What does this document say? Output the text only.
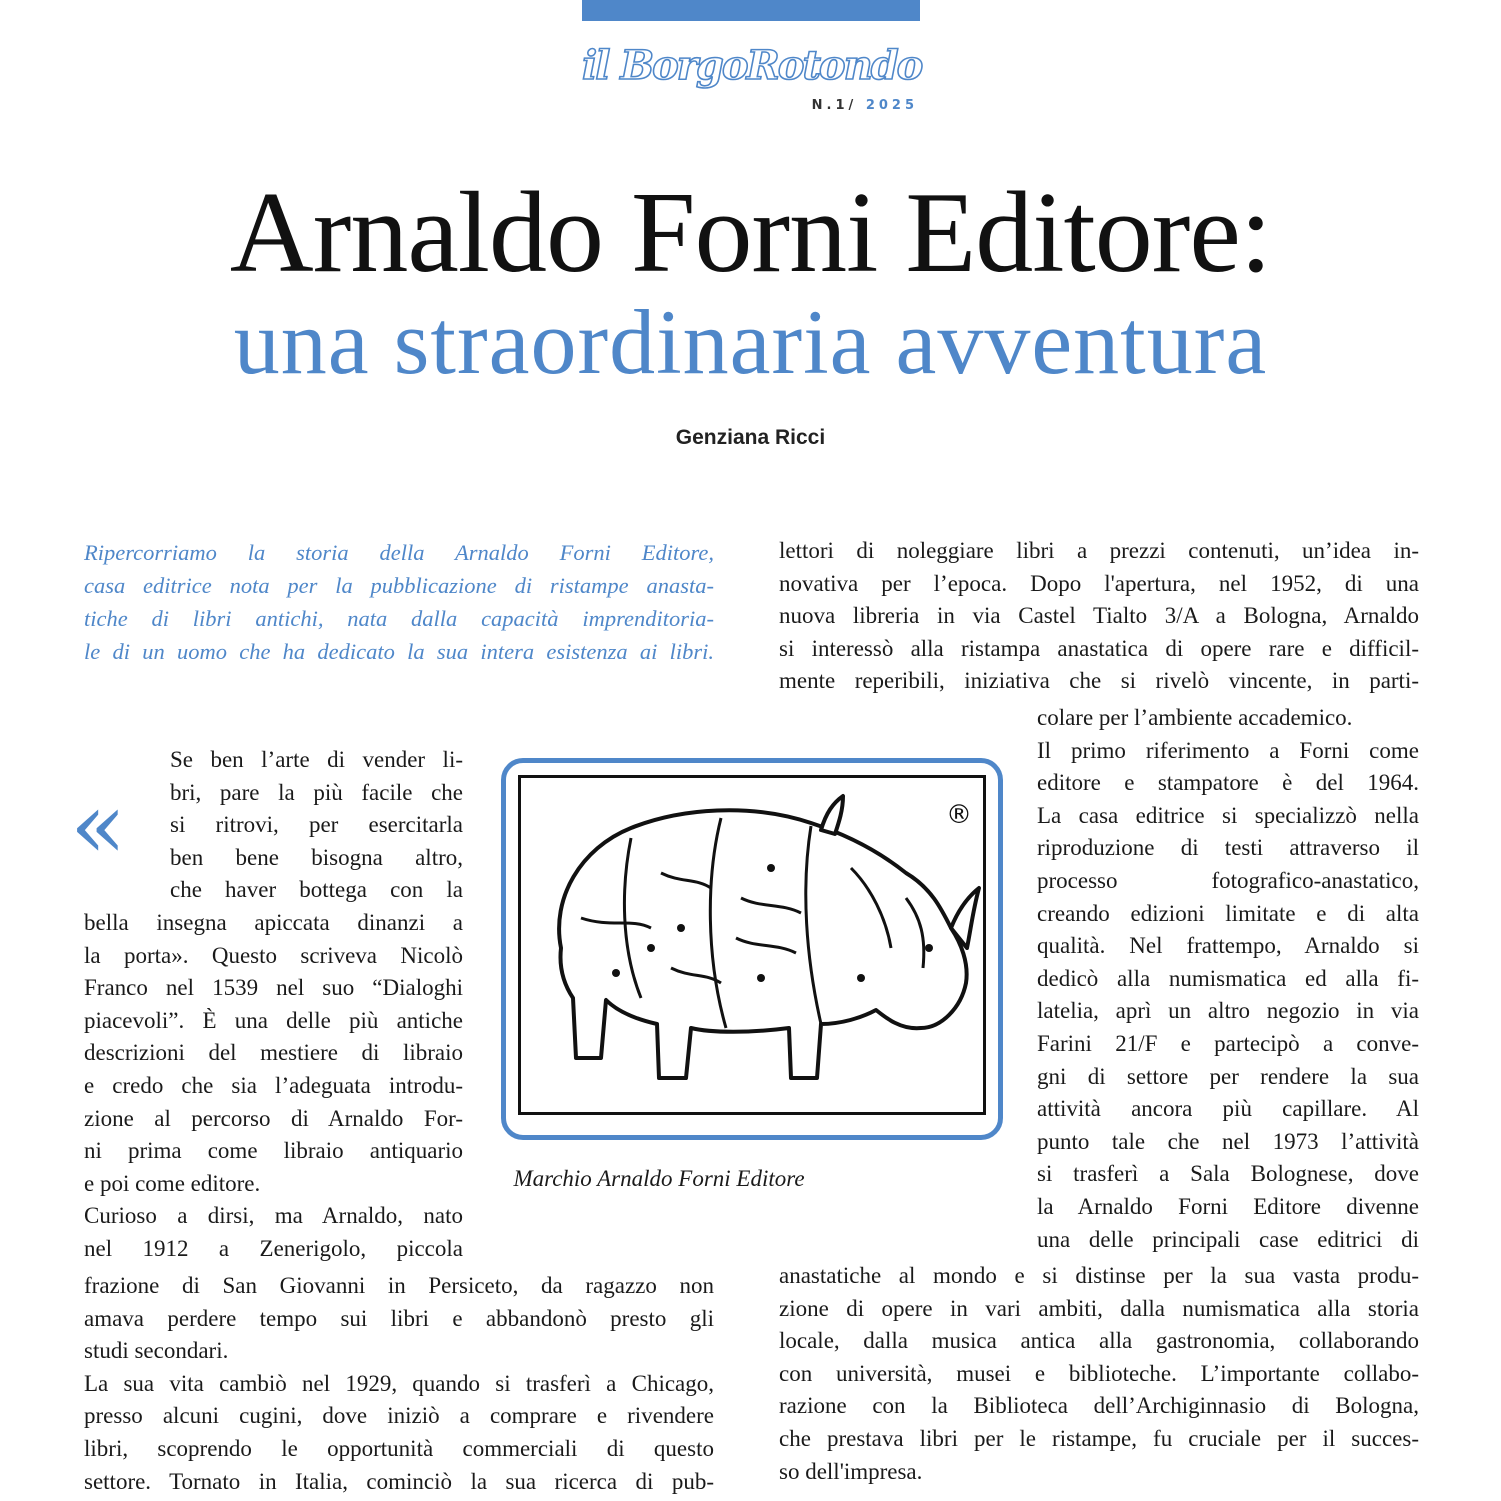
il BorgoRotondo
N.1/ 2025
Arnaldo Forni Editore:
una straordinaria avventura
Genziana Ricci
Ripercorriamo la storia della Arnaldo Forni Editore,
casa editrice nota per la pubblicazione di ristampe anasta-
tiche di libri antichi, nata dalla capacità imprenditoria-
le di un uomo che ha dedicato la sua intera esistenza ai libri.
«
Se ben l’arte di vender li-
bri, pare la più facile che
si ritrovi, per esercitarla
ben bene bisogna altro,
che haver bottega con la
bella insegna apiccata dinanzi a
la porta». Questo scriveva Nicolò
Franco nel 1539 nel suo “Dialoghi
piacevoli”. È una delle più antiche
descrizioni del mestiere di libraio
e credo che sia l’adeguata introdu-
zione al percorso di Arnaldo For-
ni prima come libraio antiquario
e poi come editore.
Curioso a dirsi, ma Arnaldo, nato
nel 1912 a Zenerigolo, piccola
frazione di San Giovanni in Persiceto, da ragazzo non
amava perdere tempo sui libri e abbandonò presto gli
studi secondari.
La sua vita cambiò nel 1929, quando si trasferì a Chicago,
presso alcuni cugini, dove iniziò a comprare e rivendere
libri, scoprendo le opportunità commerciali di questo
settore. Tornato in Italia, cominciò la sua ricerca di pub-
lettori di noleggiare libri a prezzi contenuti, un’idea in-
novativa per l’epoca. Dopo l'apertura, nel 1952, di una
nuova libreria in via Castel Tialto 3/A a Bologna, Arnaldo
si interessò alla ristampa anastatica di opere rare e difficil-
mente reperibili, iniziativa che si rivelò vincente, in parti-
colare per l’ambiente accademico.
Il primo riferimento a Forni come
editore e stampatore è del 1964.
La casa editrice si specializzò nella
riproduzione di testi attraverso il
processo fotografico-anastatico,
creando edizioni limitate e di alta
qualità. Nel frattempo, Arnaldo si
dedicò alla numismatica ed alla fi-
latelia, aprì un altro negozio in via
Farini 21/F e partecipò a conve-
gni di settore per rendere la sua
attività ancora più capillare. Al
punto tale che nel 1973 l’attività
si trasferì a Sala Bolognese, dove
la Arnaldo Forni Editore divenne
una delle principali case editrici di
anastatiche al mondo e si distinse per la sua vasta produ-
zione di opere in vari ambiti, dalla numismatica alla storia
locale, dalla musica antica alla gastronomia, collaborando
con università, musei e biblioteche. L’importante collabo-
razione con la Biblioteca dell’Archiginnasio di Bologna,
che prestava libri per le ristampe, fu cruciale per il succes-
so dell'impresa.
®
Marchio Arnaldo Forni Editore
